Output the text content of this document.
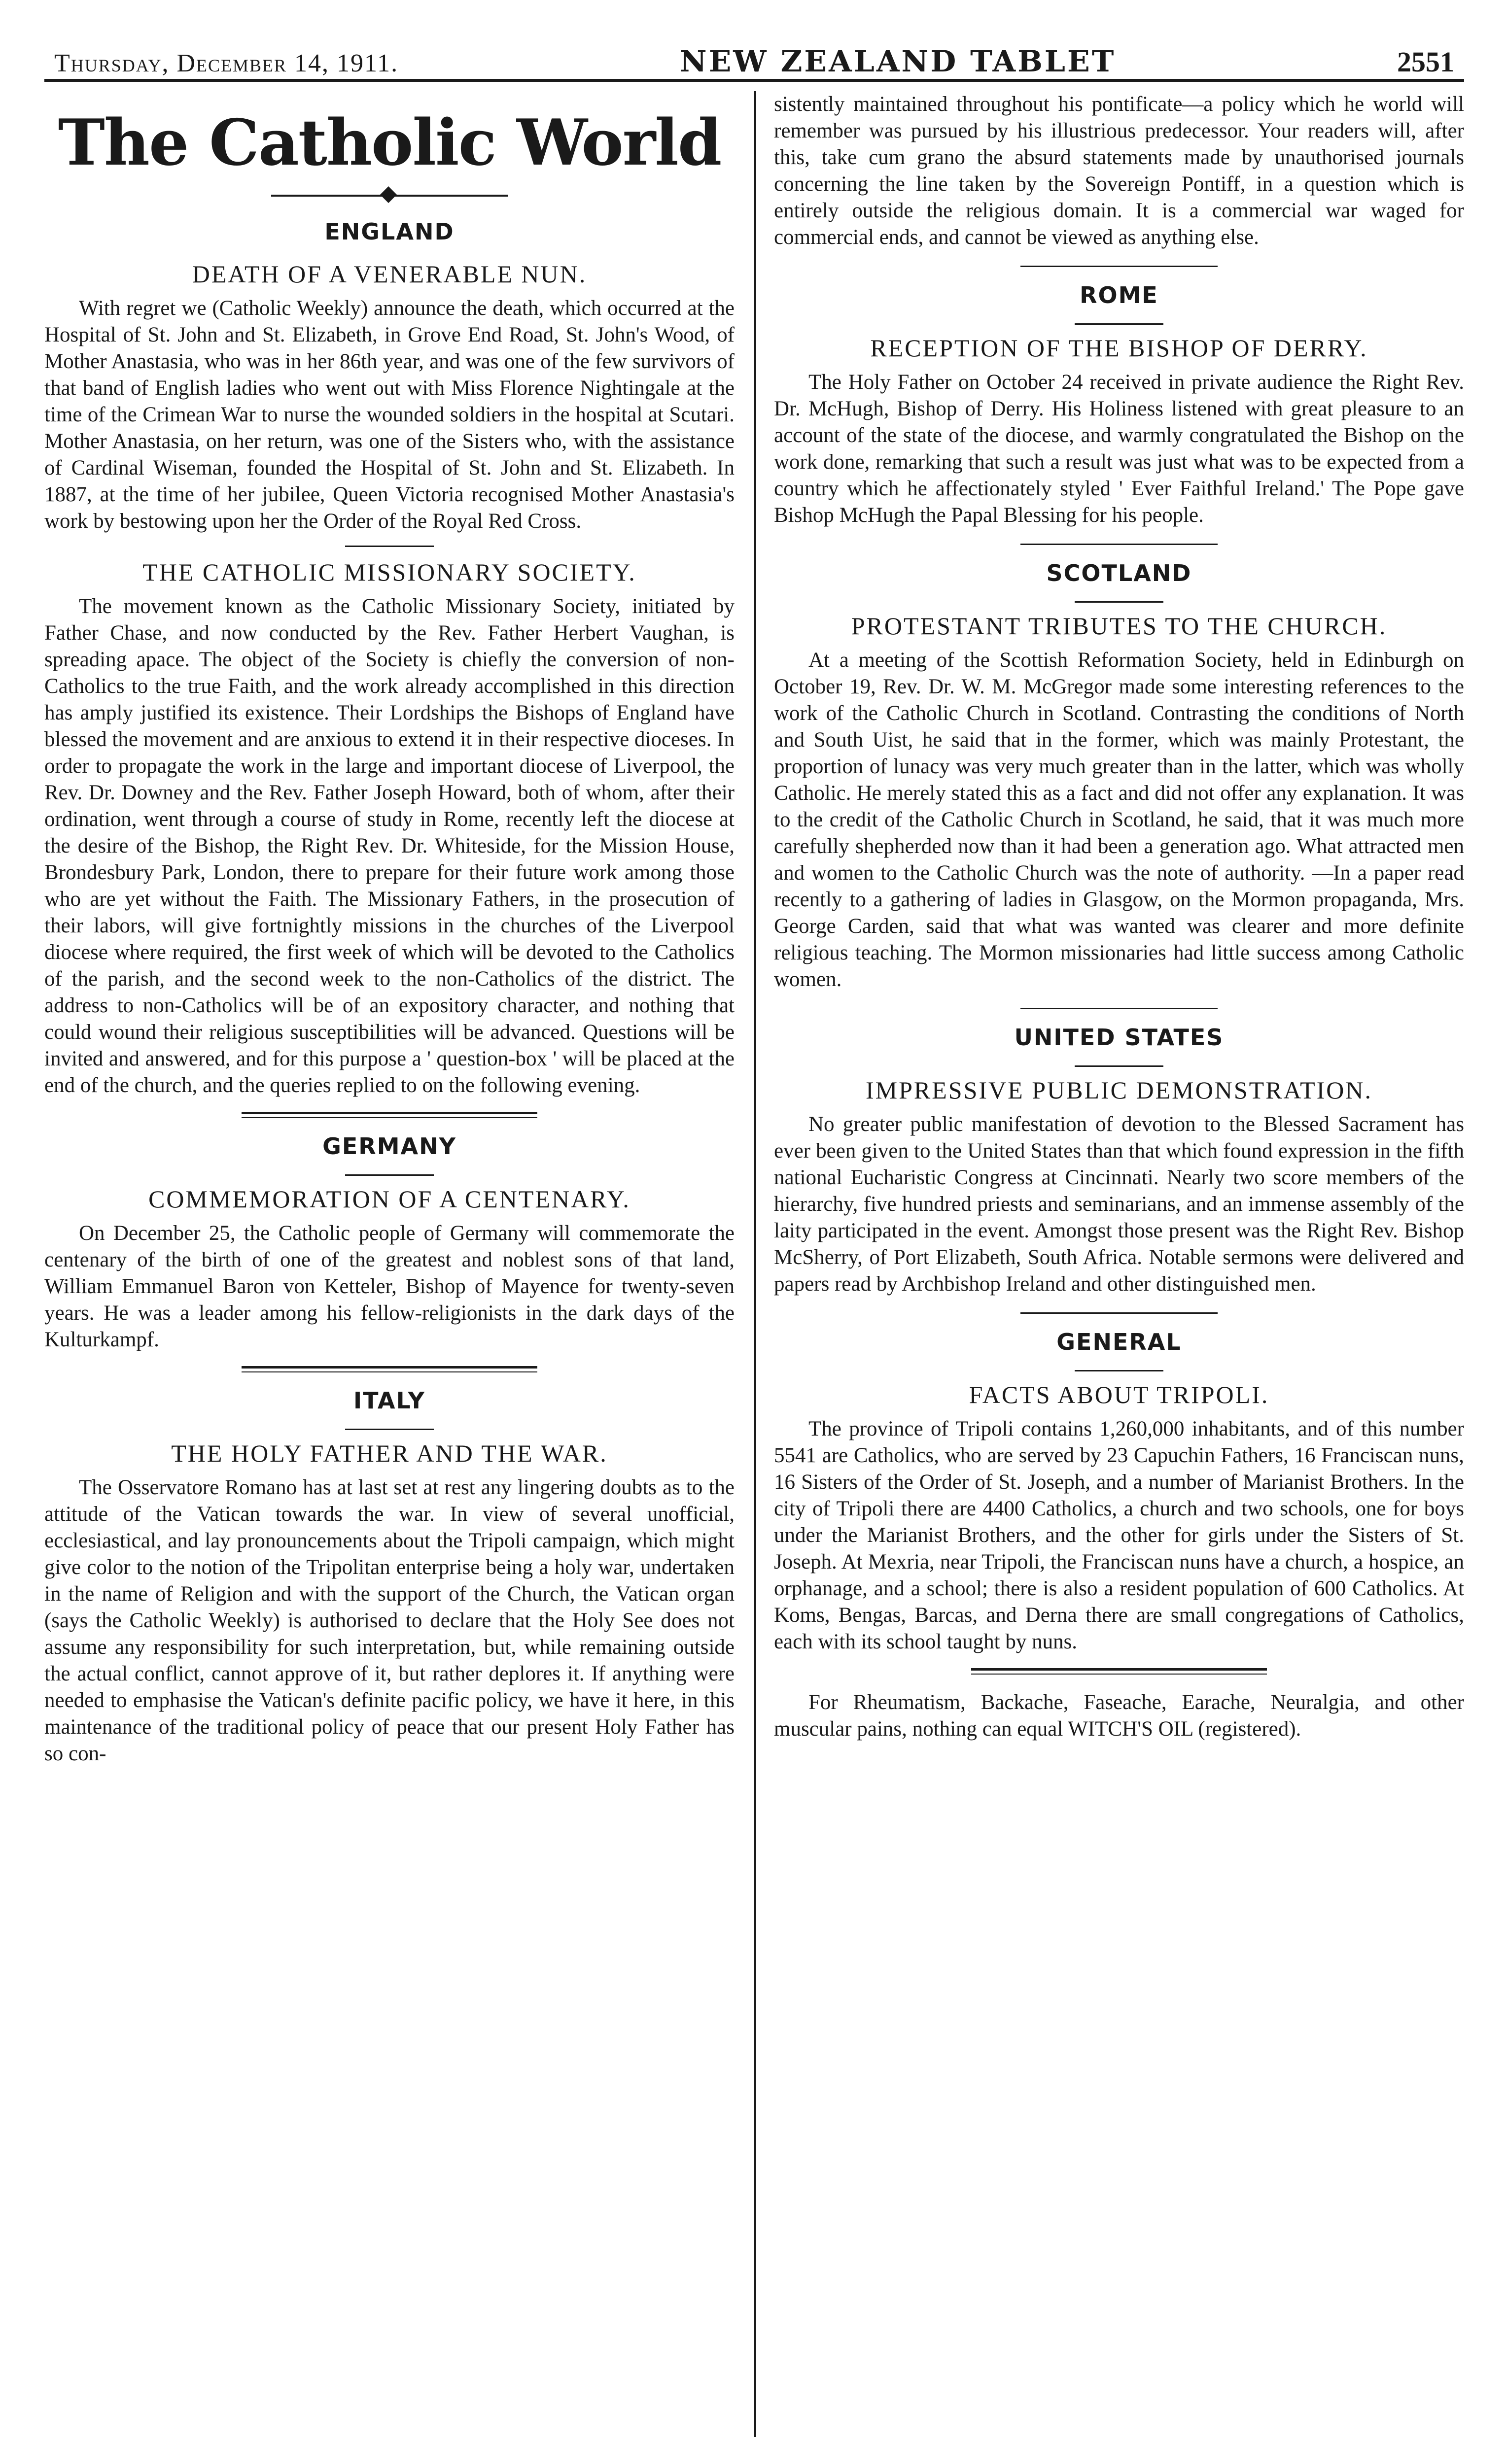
Thursday, December 14, 1911.	NEW ZEALAND TABLET	2551
The Catholic World
ENGLAND
DEATH OF A VENERABLE NUN.

With regret we (Catholic Weekly) announce the death, which occurred at the Hospital of St. John and St. Elizabeth, in Grove End Road, St. John's Wood, of Mother Anastasia, who was in her 86th year, and was one of the few survivors of that band of English ladies who went out with Miss Florence Nightingale at the time of the Crimean War to nurse the wounded soldiers in the hospital at Scutari. Mother Anastasia, on her return, was one of the Sisters who, with the assistance of Cardinal Wiseman, founded the Hospital of St. John and St. Elizabeth. In 1887, at the time of her jubilee, Queen Victoria recognised Mother Anastasia's work by bestowing upon her the Order of the Royal Red Cross.

THE CATHOLIC MISSIONARY SOCIETY.

The movement known as the Catholic Missionary Society, initiated by Father Chase, and now conducted by the Rev. Father Herbert Vaughan, is spreading apace. The object of the Society is chiefly the conversion of non-Catholics to the true Faith, and the work already accomplished in this direction has amply justified its existence. Their Lordships the Bishops of England have blessed the movement and are anxious to extend it in their respective dioceses. In order to propagate the work in the large and important diocese of Liverpool, the Rev. Dr. Downey and the Rev. Father Joseph Howard, both of whom, after their ordination, went through a course of study in Rome, recently left the diocese at the desire of the Bishop, the Right Rev. Dr. Whiteside, for the Mission House, Brondesbury Park, London, there to prepare for their future work among those who are yet without the Faith. The Missionary Fathers, in the prosecution of their labors, will give fortnightly missions in the churches of the Liverpool diocese where required, the first week of which will be devoted to the Catholics of the parish, and the second week to the non-Catholics of the district. The address to non-Catholics will be of an expository character, and nothing that could wound their religious susceptibilities will be advanced. Questions will be invited and answered, and for this purpose a ' question-box ' will be placed at the end of the church, and the queries replied to on the following evening.

GERMANY
COMMEMORATION OF A CENTENARY.

On December 25, the Catholic people of Germany will commemorate the centenary of the birth of one of the greatest and noblest sons of that land, William Emmanuel Baron von Ketteler, Bishop of Mayence for twenty-seven years. He was a leader among his fellow-religionists in the dark days of the Kulturkampf.

ITALY
THE HOLY FATHER AND THE WAR.

The Osservatore Romano has at last set at rest any lingering doubts as to the attitude of the Vatican towards the war. In view of several unofficial, ecclesiastical, and lay pronouncements about the Tripoli campaign, which might give color to the notion of the Tripolitan enterprise being a holy war, undertaken in the name of Religion and with the support of the Church, the Vatican organ (says the Catholic Weekly) is authorised to declare that the Holy See does not assume any responsibility for such interpretation, but, while remaining outside the actual conflict, cannot approve of it, but rather deplores it. If anything were needed to emphasise the Vatican's definite pacific policy, we have it here, in this maintenance of the traditional policy of peace that our present Holy Father has so con-

sistently maintained throughout his pontificate—a policy which he world will remember was pursued by his illustrious predecessor. Your readers will, after this, take cum grano the absurd statements made by unauthorised journals concerning the line taken by the Sovereign Pontiff, in a question which is entirely outside the religious domain. It is a commercial war waged for commercial ends, and cannot be viewed as anything else.

ROME
RECEPTION OF THE BISHOP OF DERRY.

The Holy Father on October 24 received in private audience the Right Rev. Dr. McHugh, Bishop of Derry. His Holiness listened with great pleasure to an account of the state of the diocese, and warmly congratulated the Bishop on the work done, remarking that such a result was just what was to be expected from a country which he affectionately styled ' Ever Faithful Ireland.' The Pope gave Bishop McHugh the Papal Blessing for his people.

SCOTLAND
PROTESTANT TRIBUTES TO THE CHURCH.

At a meeting of the Scottish Reformation Society, held in Edinburgh on October 19, Rev. Dr. W. M. McGregor made some interesting references to the work of the Catholic Church in Scotland. Contrasting the conditions of North and South Uist, he said that in the former, which was mainly Protestant, the proportion of lunacy was very much greater than in the latter, which was wholly Catholic. He merely stated this as a fact and did not offer any explanation. It was to the credit of the Catholic Church in Scotland, he said, that it was much more carefully shepherded now than it had been a generation ago. What attracted men and women to the Catholic Church was the note of authority. —In a paper read recently to a gathering of ladies in Glasgow, on the Mormon propaganda, Mrs. George Carden, said that what was wanted was clearer and more definite religious teaching. The Mormon missionaries had little success among Catholic women.

UNITED STATES
IMPRESSIVE PUBLIC DEMONSTRATION.

No greater public manifestation of devotion to the Blessed Sacrament has ever been given to the United States than that which found expression in the fifth national Eucharistic Congress at Cincinnati. Nearly two score members of the hierarchy, five hundred priests and seminarians, and an immense assembly of the laity participated in the event. Amongst those present was the Right Rev. Bishop McSherry, of Port Elizabeth, South Africa. Notable sermons were delivered and papers read by Archbishop Ireland and other distinguished men.

GENERAL
FACTS ABOUT TRIPOLI.

The province of Tripoli contains 1,260,000 inhabitants, and of this number 5541 are Catholics, who are served by 23 Capuchin Fathers, 16 Franciscan nuns, 16 Sisters of the Order of St. Joseph, and a number of Marianist Brothers. In the city of Tripoli there are 4400 Catholics, a church and two schools, one for boys under the Marianist Brothers, and the other for girls under the Sisters of St. Joseph. At Mexria, near Tripoli, the Franciscan nuns have a church, a hospice, an orphanage, and a school; there is also a resident population of 600 Catholics. At Koms, Bengas, Barcas, and Derna there are small congregations of Catholics, each with its school taught by nuns.

For Rheumatism, Backache, Faseache, Earache, Neuralgia, and other muscular pains, nothing can equal WITCH'S OIL (registered).
